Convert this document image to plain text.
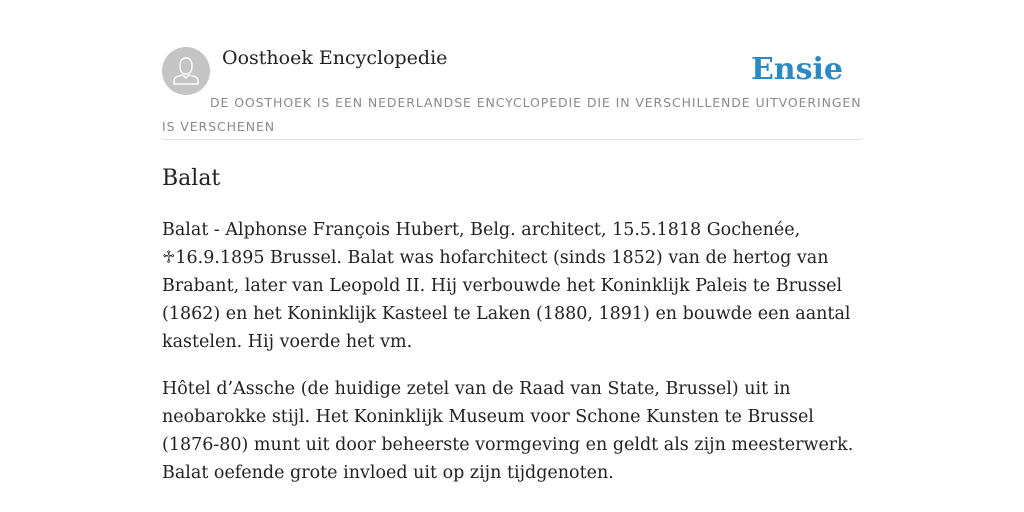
Oosthoek Encyclopedie	Ensie

DE OOSTHOEK IS EEN NEDERLANDSE ENCYCLOPEDIE DIE IN VERSCHILLENDE UITVOERINGEN IS VERSCHENEN

Balat

Balat - Alphonse François Hubert, Belg. architect, 15.5.1818 Gochenée, ♱16.9.1895 Brussel. Balat was hofarchitect (sinds 1852) van de hertog van Brabant, later van Leopold II. Hij verbouwde het Koninklijk Paleis te Brussel (1862) en het Koninklijk Kasteel te Laken (1880, 1891) en bouwde een aantal kastelen. Hij voerde het vm.

Hôtel d’Assche (de huidige zetel van de Raad van State, Brussel) uit in neobarokke stijl. Het Koninklijk Museum voor Schone Kunsten te Brussel (1876-80) munt uit door beheerste vormgeving en geldt als zijn meesterwerk. Balat oefende grote invloed uit op zijn tijdgenoten.
